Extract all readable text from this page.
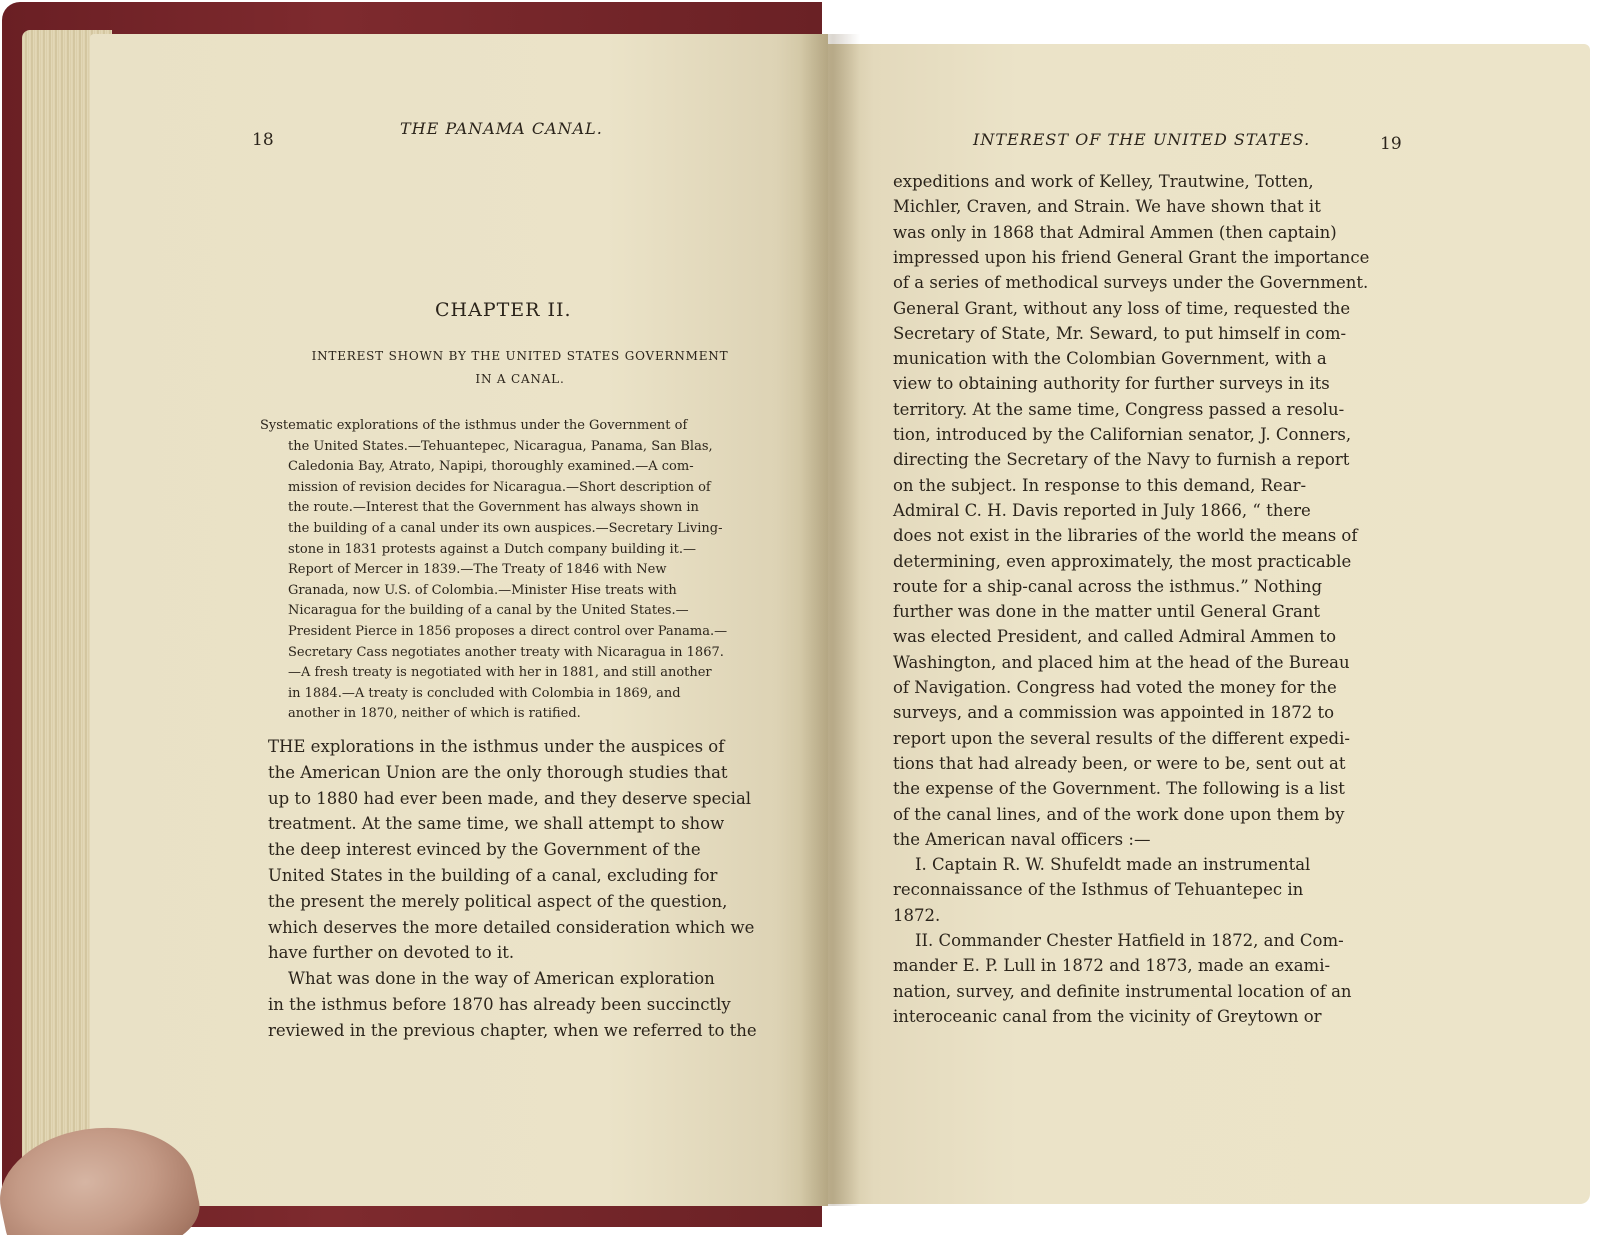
18
THE PANAMA CANAL.
CHAPTER II.
INTEREST SHOWN BY THE UNITED STATES GOVERNMENT
IN A CANAL.
Systematic explorations of the isthmus under the Government of
the United States.—Tehuantepec, Nicaragua, Panama, San Blas,
Caledonia Bay, Atrato, Napipi, thoroughly examined.—A com-
mission of revision decides for Nicaragua.—Short description of
the route.—Interest that the Government has always shown in
the building of a canal under its own auspices.—Secretary Living-
stone in 1831 protests against a Dutch company building it.—
Report of Mercer in 1839.—The Treaty of 1846 with New
Granada, now U.S. of Colombia.—Minister Hise treats with
Nicaragua for the building of a canal by the United States.—
President Pierce in 1856 proposes a direct control over Panama.—
Secretary Cass negotiates another treaty with Nicaragua in 1867.
—A fresh treaty is negotiated with her in 1881, and still another
in 1884.—A treaty is concluded with Colombia in 1869, and
another in 1870, neither of which is ratified.
THE explorations in the isthmus under the auspices of
the American Union are the only thorough studies that
up to 1880 had ever been made, and they deserve special
treatment. At the same time, we shall attempt to show
the deep interest evinced by the Government of the
United States in the building of a canal, excluding for
the present the merely political aspect of the question,
which deserves the more detailed consideration which we
have further on devoted to it.
What was done in the way of American exploration
in the isthmus before 1870 has already been succinctly
reviewed in the previous chapter, when we referred to the
INTEREST OF THE UNITED STATES.	19
expeditions and work of Kelley, Trautwine, Totten,
Michler, Craven, and Strain. We have shown that it
was only in 1868 that Admiral Ammen (then captain)
impressed upon his friend General Grant the importance
of a series of methodical surveys under the Government.
General Grant, without any loss of time, requested the
Secretary of State, Mr. Seward, to put himself in com-
munication with the Colombian Government, with a
view to obtaining authority for further surveys in its
territory. At the same time, Congress passed a resolu-
tion, introduced by the Californian senator, J. Conners,
directing the Secretary of the Navy to furnish a report
on the subject. In response to this demand, Rear-
Admiral C. H. Davis reported in July 1866, “ there
does not exist in the libraries of the world the means of
determining, even approximately, the most practicable
route for a ship-canal across the isthmus.” Nothing
further was done in the matter until General Grant
was elected President, and called Admiral Ammen to
Washington, and placed him at the head of the Bureau
of Navigation. Congress had voted the money for the
surveys, and a commission was appointed in 1872 to
report upon the several results of the different expedi-
tions that had already been, or were to be, sent out at
the expense of the Government. The following is a list
of the canal lines, and of the work done upon them by
the American naval officers :—
I. Captain R. W. Shufeldt made an instrumental
reconnaissance of the Isthmus of Tehuantepec in
1872.
II. Commander Chester Hatfield in 1872, and Com-
mander E. P. Lull in 1872 and 1873, made an exami-
nation, survey, and definite instrumental location of an
interoceanic canal from the vicinity of Greytown or
